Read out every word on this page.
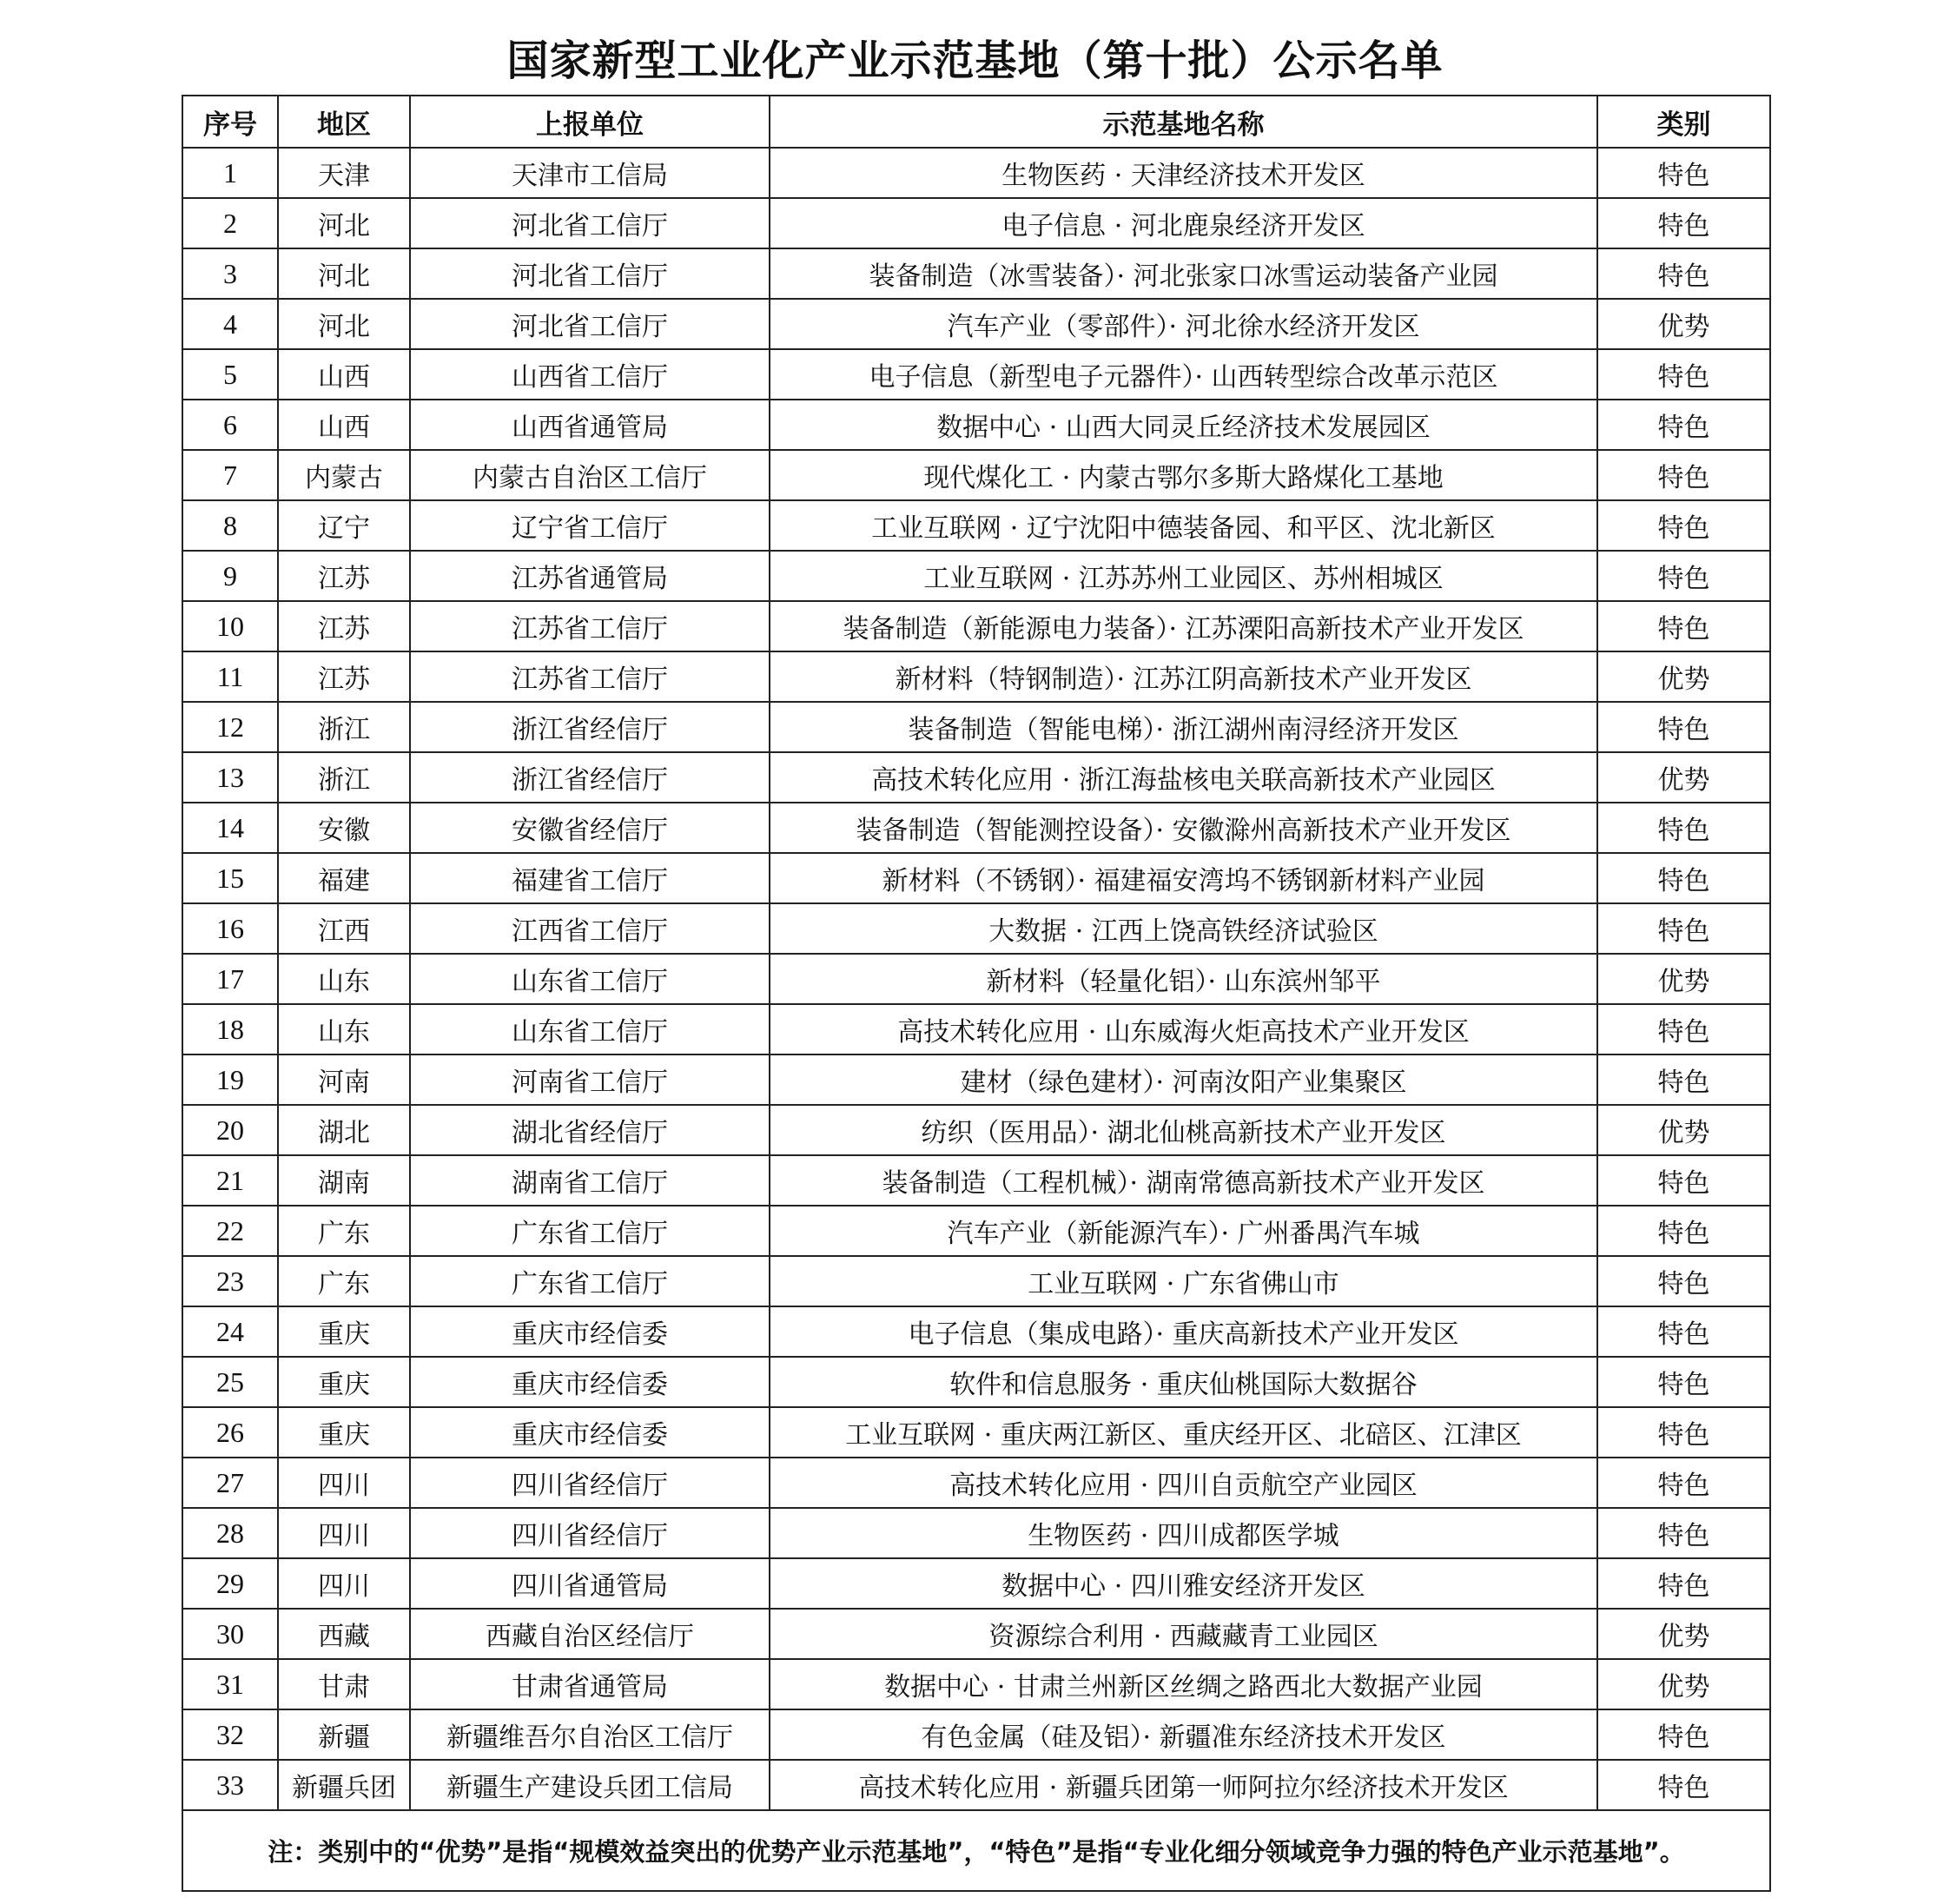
国家新型工业化产业示范基地（第十批）公示名单
序号	地区	上报单位	示范基地名称	类别
1	天津	天津市工信局	生物医药 · 天津经济技术开发区	特色
2	河北	河北省工信厅	电子信息 · 河北鹿泉经济开发区	特色
3	河北	河北省工信厅	装备制造（冰雪装备）· 河北张家口冰雪运动装备产业园	特色
4	河北	河北省工信厅	汽车产业（零部件）· 河北徐水经济开发区	优势
5	山西	山西省工信厅	电子信息（新型电子元器件）· 山西转型综合改革示范区	特色
6	山西	山西省通管局	数据中心 · 山西大同灵丘经济技术发展园区	特色
7	内蒙古	内蒙古自治区工信厅	现代煤化工 · 内蒙古鄂尔多斯大路煤化工基地	特色
8	辽宁	辽宁省工信厅	工业互联网 · 辽宁沈阳中德装备园、和平区、沈北新区	特色
9	江苏	江苏省通管局	工业互联网 · 江苏苏州工业园区、苏州相城区	特色
10	江苏	江苏省工信厅	装备制造（新能源电力装备）· 江苏溧阳高新技术产业开发区	特色
11	江苏	江苏省工信厅	新材料（特钢制造）· 江苏江阴高新技术产业开发区	优势
12	浙江	浙江省经信厅	装备制造（智能电梯）· 浙江湖州南浔经济开发区	特色
13	浙江	浙江省经信厅	高技术转化应用 · 浙江海盐核电关联高新技术产业园区	优势
14	安徽	安徽省经信厅	装备制造（智能测控设备）· 安徽滁州高新技术产业开发区	特色
15	福建	福建省工信厅	新材料（不锈钢）· 福建福安湾坞不锈钢新材料产业园	特色
16	江西	江西省工信厅	大数据 · 江西上饶高铁经济试验区	特色
17	山东	山东省工信厅	新材料（轻量化铝）· 山东滨州邹平	优势
18	山东	山东省工信厅	高技术转化应用 · 山东威海火炬高技术产业开发区	特色
19	河南	河南省工信厅	建材（绿色建材）· 河南汝阳产业集聚区	特色
20	湖北	湖北省经信厅	纺织（医用品）· 湖北仙桃高新技术产业开发区	优势
21	湖南	湖南省工信厅	装备制造（工程机械）· 湖南常德高新技术产业开发区	特色
22	广东	广东省工信厅	汽车产业（新能源汽车）· 广州番禺汽车城	特色
23	广东	广东省工信厅	工业互联网 · 广东省佛山市	特色
24	重庆	重庆市经信委	电子信息（集成电路）· 重庆高新技术产业开发区	特色
25	重庆	重庆市经信委	软件和信息服务 · 重庆仙桃国际大数据谷	特色
26	重庆	重庆市经信委	工业互联网 · 重庆两江新区、重庆经开区、北碚区、江津区	特色
27	四川	四川省经信厅	高技术转化应用 · 四川自贡航空产业园区	特色
28	四川	四川省经信厅	生物医药 · 四川成都医学城	特色
29	四川	四川省通管局	数据中心 · 四川雅安经济开发区	特色
30	西藏	西藏自治区经信厅	资源综合利用 · 西藏藏青工业园区	优势
31	甘肃	甘肃省通管局	数据中心 · 甘肃兰州新区丝绸之路西北大数据产业园	优势
32	新疆	新疆维吾尔自治区工信厅	有色金属（硅及铝）· 新疆准东经济技术开发区	特色
33	新疆兵团	新疆生产建设兵团工信局	高技术转化应用 · 新疆兵团第一师阿拉尔经济技术开发区	特色
注：类别中的“优势”是指“规模效益突出的优势产业示范基地”，“特色”是指“专业化细分领域竞争力强的特色产业示范基地”。				
